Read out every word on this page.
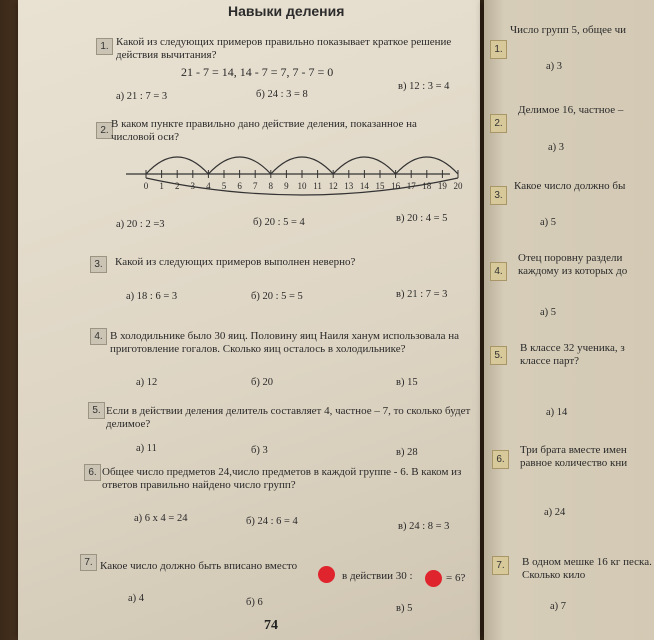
Навыки деления
1. Какой из следующих примеров правильно показывает краткое решение действия вычитания?
21 - 7 = 14, 14 - 7 = 7, 7 - 7 = 0
а) 21 : 7 = 3	б) 24 : 3 = 8
в) 12 : 3 = 4
2.
В каком пункте правильно дано действие деления, показанное на числовой оси?
0 1 2 3 4 5 6 7 8 9 10 11 12 13 14 15 16 17 18 19 20
а) 20 : 2 =3	б) 20 : 5 = 4	в) 20 : 4 = 5
3.	Какой из следующих примеров выполнен неверно?
а) 18 : 6 = 3	б) 20 : 5 = 5	в) 21 : 7 = 3
4. В холодильнике было 30 яиц. Половину яиц Наиля ханум использовала на приготовление гогалов. Сколько яиц осталось в холодильнике?
а) 12	б) 20	в) 15
5. Если в действии деления делитель составляет 4, частное – 7, то сколько будет делимое?
а) 11	б) 3	в) 28
6. Общее число предметов 24,число предметов в каждой группе - 6. В каком из ответов правильно найдено число групп?
а) 6 х 4 = 24	б) 24 : 6 = 4	в) 24 : 8 = 3
7. Какое число должно быть вписано вместо
в действии 30 :	= 6?
а) 4	б) 6
в) 5
74
1.
Число групп 5, общее чи
а) 3
2.
Делимое 16, частное –
а) 3
3.
Какое число должно бы
а) 5
4.
Отец поровну раздели каждому из которых до
а) 5
5.
В классе 32 ученика, з классе парт?
а) 14
6.
Три брата вместе имен равное количество кни
а) 24
7.	В одном мешке 16 кг песка. Сколько кило
а) 7
